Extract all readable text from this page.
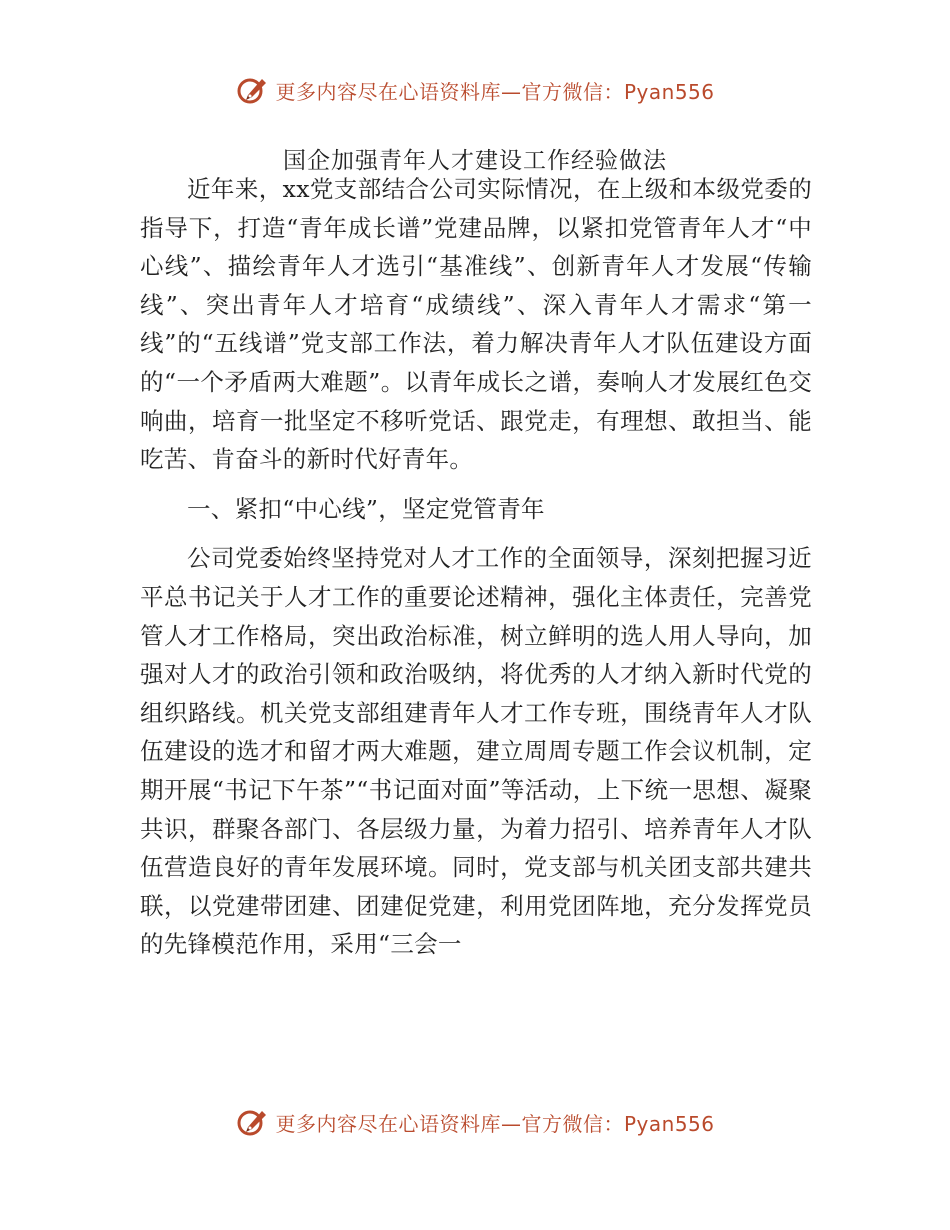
更多内容尽在心语资料库—官方微信：Pyan556
国企加强青年人才建设工作经验做法

近年来，xx党支部结合公司实际情况，在上级和本级党委的指导下，打造“青年成长谱”党建品牌，以紧扣党管青年人才“中心线”、描绘青年人才选引“基准线”、创新青年人才发展“传输线”、突出青年人才培育“成绩线”、深入青年人才需求“第一线”的“五线谱”党支部工作法，着力解决青年人才队伍建设方面的“一个矛盾两大难题”。以青年成长之谱，奏响人才发展红色交响曲，培育一批坚定不移听党话、跟党走，有理想、敢担当、能吃苦、肯奋斗的新时代好青年。

一、紧扣“中心线”，坚定党管青年

公司党委始终坚持党对人才工作的全面领导，深刻把握习近平总书记关于人才工作的重要论述精神，强化主体责任，完善党管人才工作格局，突出政治标准，树立鲜明的选人用人导向，加强对人才的政治引领和政治吸纳，将优秀的人才纳入新时代党的组织路线。机关党支部组建青年人才工作专班，围绕青年人才队伍建设的选才和留才两大难题，建立周周专题工作会议机制，定期开展“书记下午茶”“书记面对面”等活动，上下统一思想、凝聚共识，群聚各部门、各层级力量，为着力招引、培养青年人才队伍营造良好的青年发展环境。同时，党支部与机关团支部共建共联，以党建带团建、团建促党建，利用党团阵地，充分发挥党员的先锋模范作用，采用“三会一

更多内容尽在心语资料库—官方微信：Pyan556
